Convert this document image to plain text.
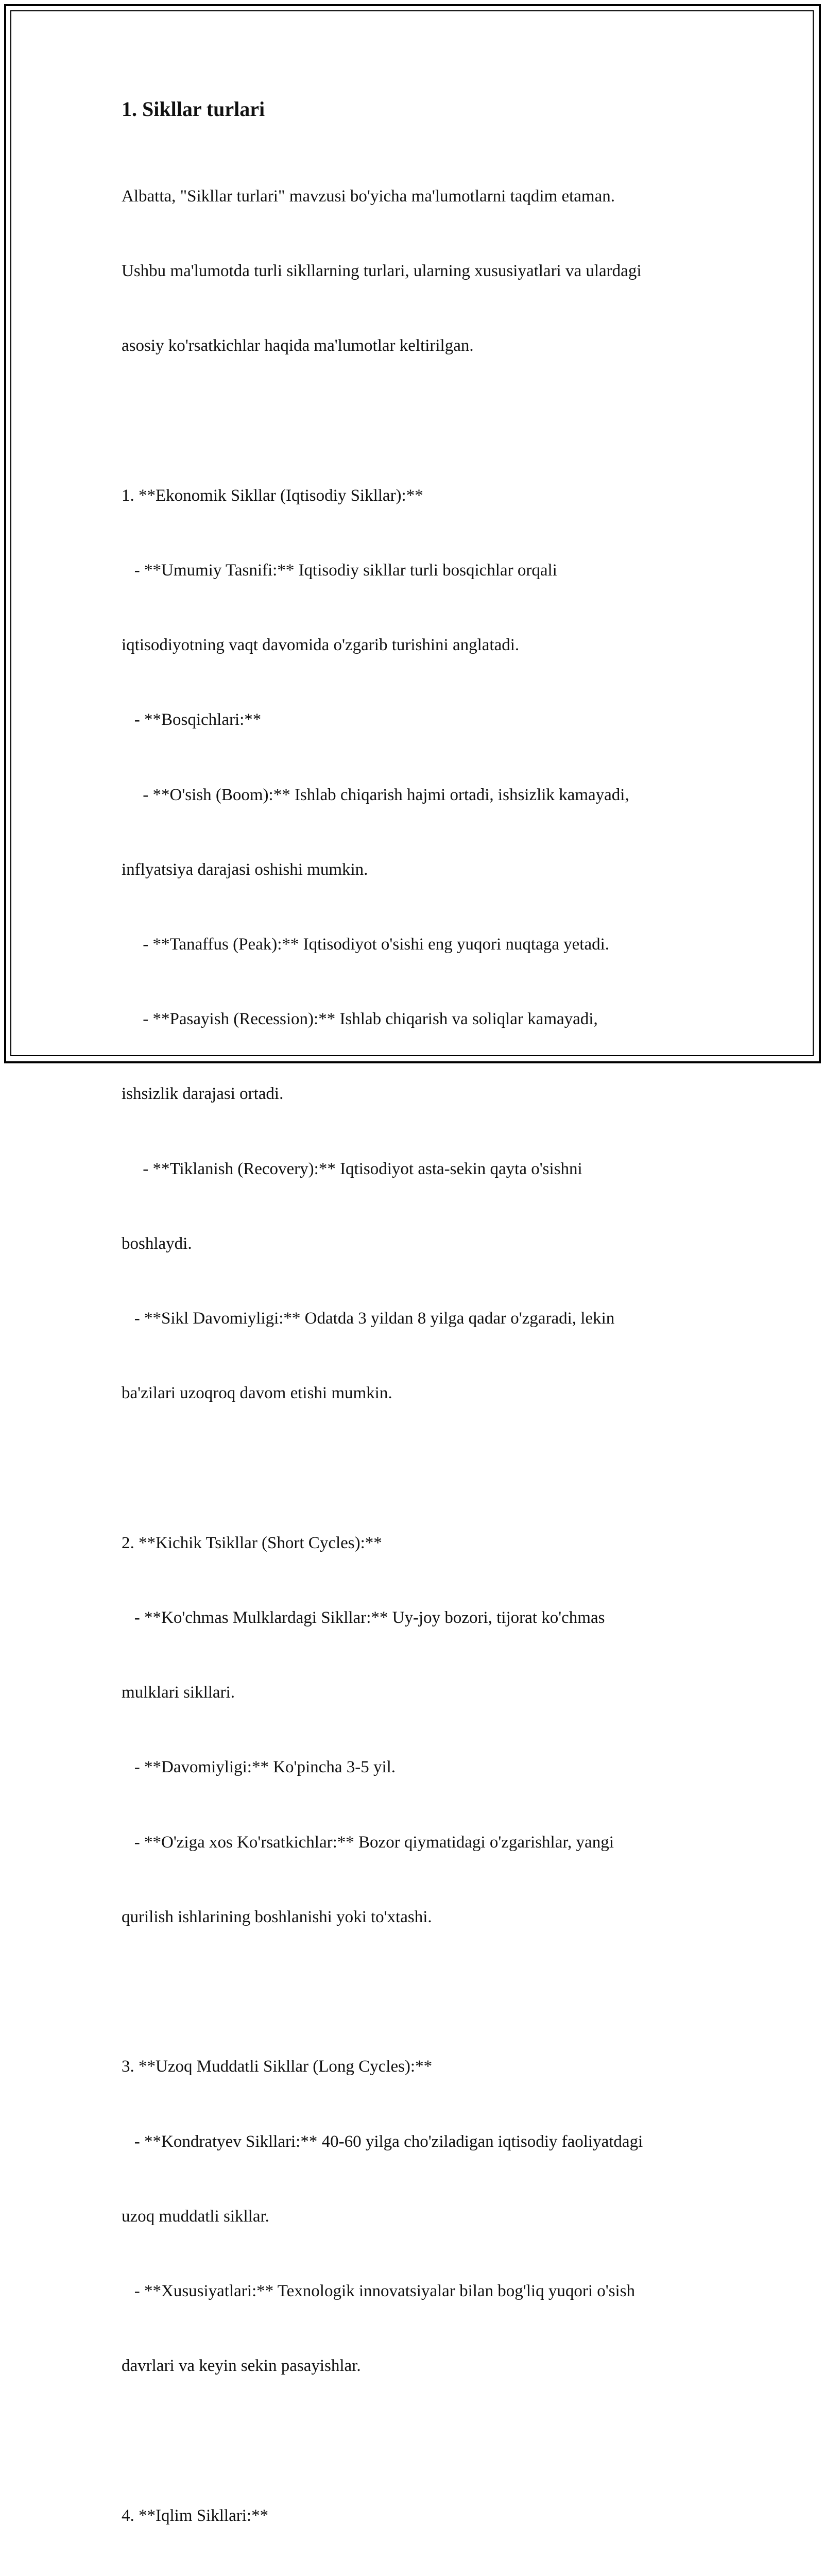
1. Sikllar turlari

Albatta, "Sikllar turlari" mavzusi bo'yicha ma'lumotlarni taqdim etaman.

Ushbu ma'lumotda turli sikllarning turlari, ularning xususiyatlari va ulardagi

asosiy ko'rsatkichlar haqida ma'lumotlar keltirilgan.

1. **Ekonomik Sikllar (Iqtisodiy Sikllar):**

- **Umumiy Tasnifi:** Iqtisodiy sikllar turli bosqichlar orqali

iqtisodiyotning vaqt davomida o'zgarib turishini anglatadi.

- **Bosqichlari:**

- **O'sish (Boom):** Ishlab chiqarish hajmi ortadi, ishsizlik kamayadi,

inflyatsiya darajasi oshishi mumkin.

- **Tanaffus (Peak):** Iqtisodiyot o'sishi eng yuqori nuqtaga yetadi.

- **Pasayish (Recession):** Ishlab chiqarish va soliqlar kamayadi,

ishsizlik darajasi ortadi.

- **Tiklanish (Recovery):** Iqtisodiyot asta-sekin qayta o'sishni

boshlaydi.

- **Sikl Davomiyligi:** Odatda 3 yildan 8 yilga qadar o'zgaradi, lekin

ba'zilari uzoqroq davom etishi mumkin.

2. **Kichik Tsikllar (Short Cycles):**

- **Ko'chmas Mulklardagi Sikllar:** Uy-joy bozori, tijorat ko'chmas

mulklari sikllari.

- **Davomiyligi:** Ko'pincha 3-5 yil.

- **O'ziga xos Ko'rsatkichlar:** Bozor qiymatidagi o'zgarishlar, yangi

qurilish ishlarining boshlanishi yoki to'xtashi.

3. **Uzoq Muddatli Sikllar (Long Cycles):**

- **Kondratyev Sikllari:** 40-60 yilga cho'ziladigan iqtisodiy faoliyatdagi

uzoq muddatli sikllar.

- **Xususiyatlari:** Texnologik innovatsiyalar bilan bog'liq yuqori o'sish

davrlari va keyin sekin pasayishlar.

4. **Iqlim Sikllari:**
